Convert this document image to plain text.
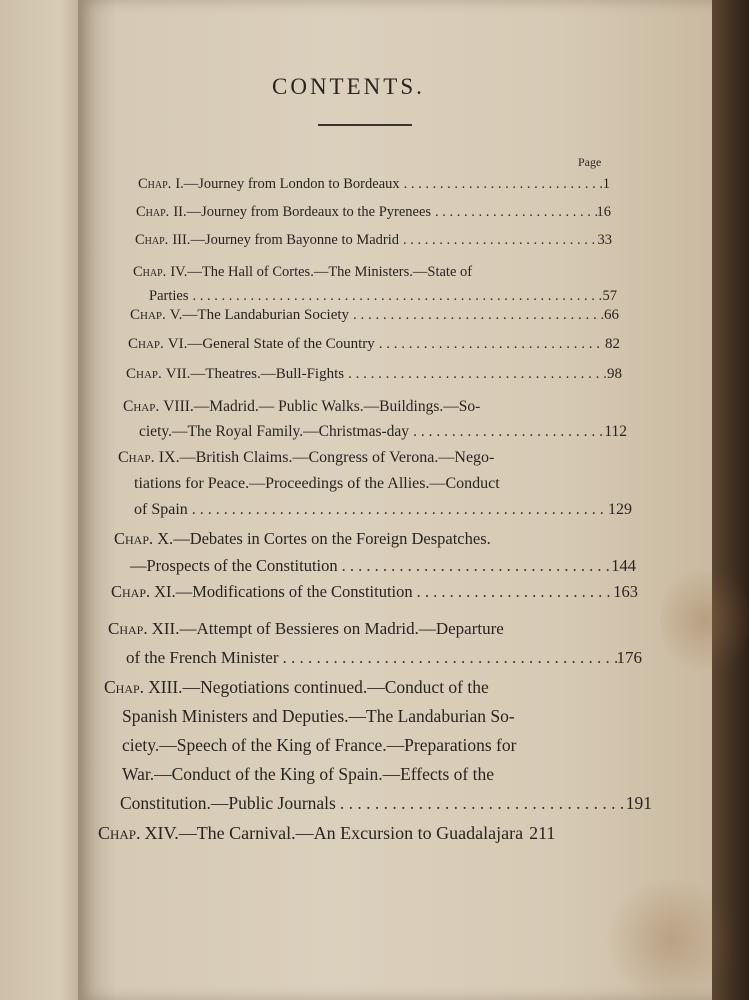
CONTENTS.
Page
Chap. I. —Journey from London to Bordeaux . . .	1
Chap. II. —Journey from Bordeaux to the Pyrenees . . .	16
Chap. III. —Journey from Bayonne to Madrid . . .	33
Chap. IV. —The Hall of Cortes.—The Ministers.—State of
Parties . . .	57
Chap. V. —The Landaburian Society . . .	66
Chap. VI. —General State of the Country . . .	82
Chap. VII. —Theatres.—Bull-Fights . . .	98
Chap. VIII. —Madrid.— Public Walks.—Buildings.—So-
ciety.—The Royal Family.—Christmas-day . . .	112
Chap. IX. —British Claims.—Congress of Verona.—Nego-
tiations for Peace.—Proceedings of the Allies.—Conduct
of Spain . . .	129
Chap. X. —Debates in Cortes on the Foreign Despatches.
—Prospects of the Constitution . . .	144
Chap. XI. —Modifications of the Constitution . . .	163
Chap. XII. —Attempt of Bessieres on Madrid.—Departure
of the French Minister . . .	176
Chap. XIII. —Negotiations continued.—Conduct of the
Spanish Ministers and Deputies.—The Landaburian So-
ciety.—Speech of the King of France.—Preparations for
War.—Conduct of the King of Spain.—Effects of the
Constitution.—Public Journals . . .	191
Chap. XIV. —The Carnival.—An Excursion to Guadalajara 211
